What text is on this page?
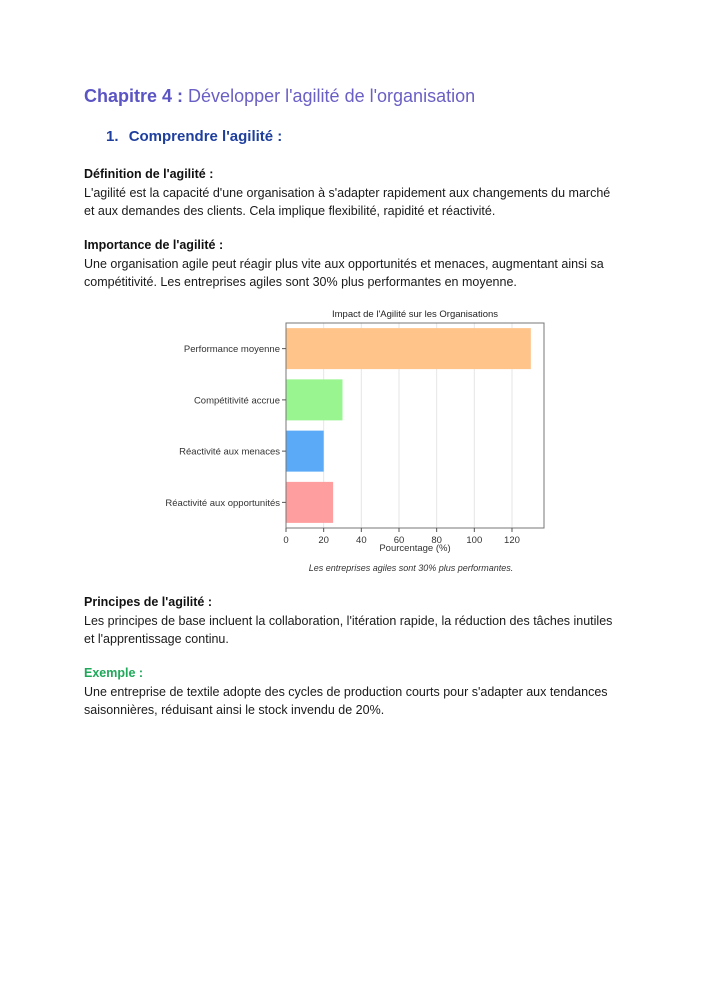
Chapitre 4 : Développer l'agilité de l'organisation
1. Comprendre l'agilité :
Définition de l'agilité :
L'agilité est la capacité d'une organisation à s'adapter rapidement aux changements du marché et aux demandes des clients. Cela implique flexibilité, rapidité et réactivité.
Importance de l'agilité :
Une organisation agile peut réagir plus vite aux opportunités et menaces, augmentant ainsi sa compétitivité. Les entreprises agiles sont 30% plus performantes en moyenne.
Principes de l'agilité :
Les principes de base incluent la collaboration, l'itération rapide, la réduction des tâches inutiles et l'apprentissage continu.
Exemple :
Une entreprise de textile adopte des cycles de production courts pour s'adapter aux tendances saisonnières, réduisant ainsi le stock invendu de 20%.
Impact de l'Agilité sur les Organisations
Performance moyenne
Compétitivité accrue
Réactivité aux menaces
Réactivité aux opportunités
0	20	40	60	80	100 120
Pourcentage (%)
Les entreprises agiles sont 30% plus performantes.
